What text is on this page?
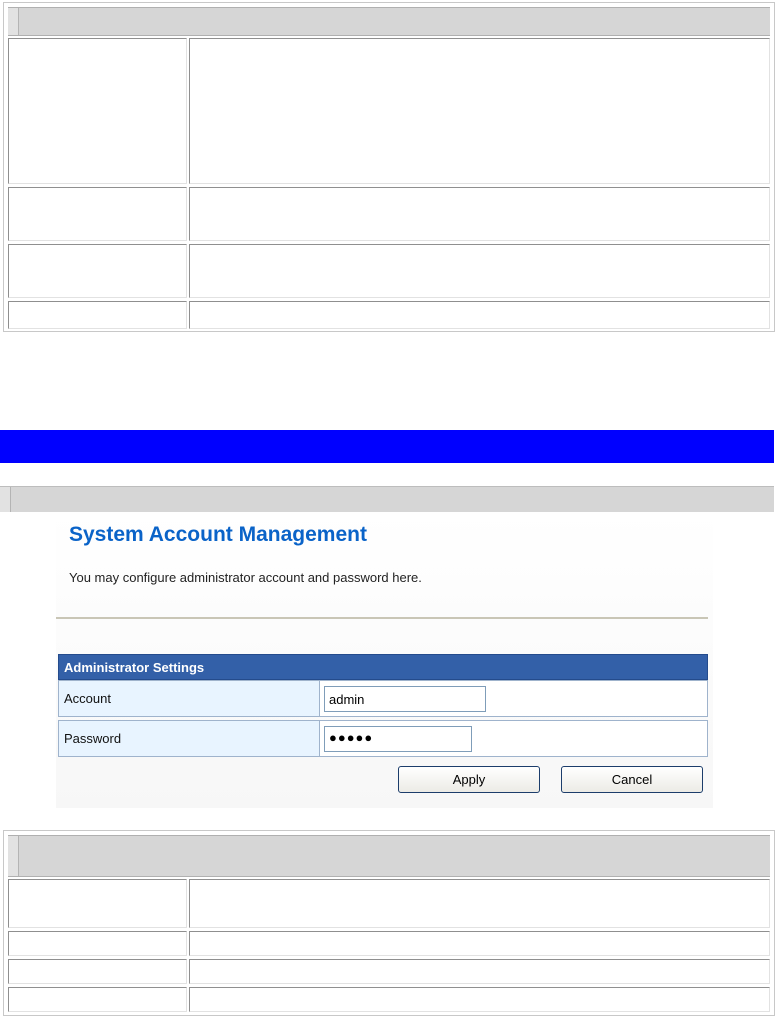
System Account Management
You may configure administrator account and password here.
Administrator Settings
Account	admin
Password	●●●●●
Apply	Cancel
